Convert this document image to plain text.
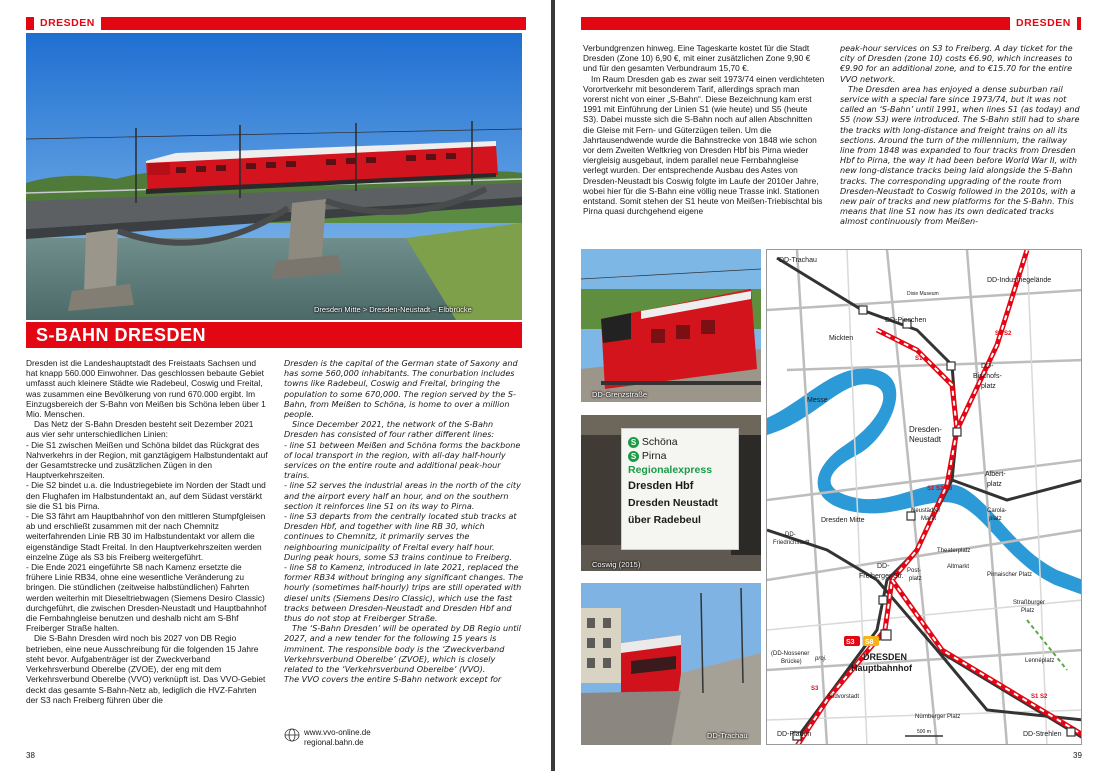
DRESDEN
Dresden Mitte > Dresden-Neustadt – Elbbrücke
S-BAHN DRESDEN

Dresden ist die Landeshauptstadt des Freistaats Sachsen und hat knapp 560.000 Einwohner. Das geschlossen bebaute Gebiet umfasst auch kleinere Städte wie Radebeul, Coswig und Freital, was zusammen eine Bevölkerung von rund 670.000 ergibt. Im Einzugsbereich der S-Bahn von Meißen bis Schöna leben über 1 Mio. Menschen.

Das Netz der S-Bahn Dresden besteht seit Dezember 2021 aus vier sehr unterschiedlichen Linien:

- Die S1 zwischen Meißen und Schöna bildet das Rückgrat des Nahverkehrs in der Region, mit ganztägigem Halbstundentakt auf der Gesamtstrecke und zusätzlichen Zügen in den Hauptverkehrszeiten.

- Die S2 bindet u.a. die Industriegebiete im Norden der Stadt und den Flughafen im Halbstundentakt an, auf dem Südast verstärkt sie die S1 bis Pirna.

- Die S3 fährt am Hauptbahnhof von den mittleren Stumpfgleisen ab und erschließt zusammen mit der nach Chemnitz weiterfahrenden Linie RB 30 im Halbstundentakt vor allem die eigenständige Stadt Freital. In den Hauptverkehrszeiten werden einzelne Züge als S3 bis Freiberg weitergeführt.

- Die Ende 2021 eingeführte S8 nach Kamenz ersetzte die frühere Linie RB34, ohne eine wesentliche Veränderung zu bringen. Die stündlichen (zeitweise halbstündlichen) Fahrten werden weiterhin mit Dieseltriebwagen (Siemens Desiro Classic) durchgeführt, die zwischen Dresden-Neustadt und Hauptbahnhof die Fernbahngleise benutzen und deshalb nicht am S-Bhf Freiberger Straße halten.

Die S-Bahn Dresden wird noch bis 2027 von DB Regio betrieben, eine neue Ausschreibung für die folgenden 15 Jahre steht bevor. Aufgabenträger ist der Zweckverband Verkehrsverbund Oberelbe (ZVOE), der eng mit dem Verkehrsverbund Oberelbe (VVO) verknüpft ist. Das VVO-Gebiet deckt das gesamte S-Bahn-Netz ab, lediglich die HVZ-Fahrten der S3 nach Freiberg führen über die

Dresden is the capital of the German state of Saxony and has some 560,000 inhabitants. The conurbation includes towns like Radebeul, Coswig and Freital, bringing the population to some 670,000. The region served by the S-Bahn, from Meißen to Schöna, is home to over a million people.

Since December 2021, the network of the S-Bahn Dresden has consisted of four rather different lines:

- line S1 between Meißen and Schöna forms the backbone of local transport in the region, with all-day half-hourly services on the entire route and additional peak-hour trains.

- line S2 serves the industrial areas in the north of the city and the airport every half an hour, and on the southern section it reinforces line S1 on its way to Pirna.

- line S3 departs from the centrally located stub tracks at Dresden Hbf, and together with line RB 30, which continues to Chemnitz, it primarily serves the neighbouring municipality of Freital every half hour. During peak hours, some S3 trains continue to Freiberg.

- line S8 to Kamenz, introduced in late 2021, replaced the former RB34 without bringing any significant changes. The hourly (sometimes half-hourly) trips are still operated with diesel units (Siemens Desiro Classic), which use the fast tracks between Dresden-Neustadt and Dresden Hbf and thus do not stop at Freiberger Straße.

The ‘S-Bahn Dresden’ will be operated by DB Regio until 2027, and a new tender for the following 15 years is imminent. The responsible body is the ‘Zweckverband Verkehrsverbund Oberelbe’ (ZVOE), which is closely related to the ‘Verkehrsverbund Oberelbe’ (VVO).

The VVO covers the entire S-Bahn network except for

www.vvo-online.de
regional.bahn.de
38
DRESDEN

Verbundgrenzen hinweg. Eine Tageskarte kostet für die Stadt Dresden (Zone 10) 6,90 €, mit einer zusätzlichen Zone 9,90 € und für den gesamten Verbundraum 15,70 €.

Im Raum Dresden gab es zwar seit 1973/74 einen verdichteten Vorortverkehr mit besonderem Tarif, allerdings sprach man vorerst nicht von einer „S-Bahn“. Diese Bezeichnung kam erst 1991 mit Einführung der Linien S1 (wie heute) und S5 (heute S3). Dabei musste sich die S-Bahn noch auf allen Abschnitten die Gleise mit Fern- und Güterzügen teilen. Um die Jahrtausendwende wurde die Bahnstrecke von 1848 wie schon vor dem Zweiten Weltkrieg von Dresden Hbf bis Pirna wieder viergleisig ausgebaut, indem parallel neue Fernbahngleise verlegt wurden. Der entsprechende Ausbau des Astes von Dresden-Neustadt bis Coswig folgte im Laufe der 2010er Jahre, wobei hier für die S-Bahn eine völlig neue Trasse inkl. Stationen entstand. Somit stehen der S1 heute von Meißen-Triebischtal bis Pirna quasi durchgehend eigene

peak-hour services on S3 to Freiberg. A day ticket for the city of Dresden (zone 10) costs €6.90, which increases to €9.90 for an additional zone, and to €15.70 for the entire VVO network.

The Dresden area has enjoyed a dense suburban rail service with a special fare since 1973/74, but it was not called an ‘S-Bahn’ until 1991, when lines S1 (as today) and S5 (now S3) were introduced. The S-Bahn still had to share the tracks with long-distance and freight trains on all its sections. Around the turn of the millennium, the railway line from 1848 was expanded to four tracks from Dresden Hbf to Pirna, the way it had been before World War II, with new long-distance tracks being laid alongside the S-Bahn tracks. The corresponding upgrading of the route from Dresden-Neustadt to Coswig followed in the 2010s, with a new pair of tracks and new platforms for the S-Bahn. This means that line S1 now has its own dedicated tracks almost continuously from Meißen-

DD-Grenzstraße
S Schöna
S Pirna
Regionalexpress
Dresden Hbf
Dresden Neustadt
über Radebeul
Coswig (2015)
DD-Trachau
DD-Trachau
DD-Industriegelände
Dixie Museum
DD-Pieschen
Mickten
DD-
Bischofs-
platz
Messe
Dresden-
Neustadt
Albert-
platz
Dresden Mitte
Neustädter
Markt
Carola-
platz
DD-
Friedrichstadt
Theaterplatz
DD-
Freiberger Str.
Post-
platz
Altmarkt
Pirnaischer Platz
Straßburger
Platz
S3 S8
DRESDEN
Hauptbahnhof
(DD-Nossener
Brücke) proj.	Lennéplatz
Südvorstadt
Nürnberger Platz
DD-Plauen	DD-Strehlen
500 m
S1
S1 S2
S1 S2 S8
S3
S1 S2
39
